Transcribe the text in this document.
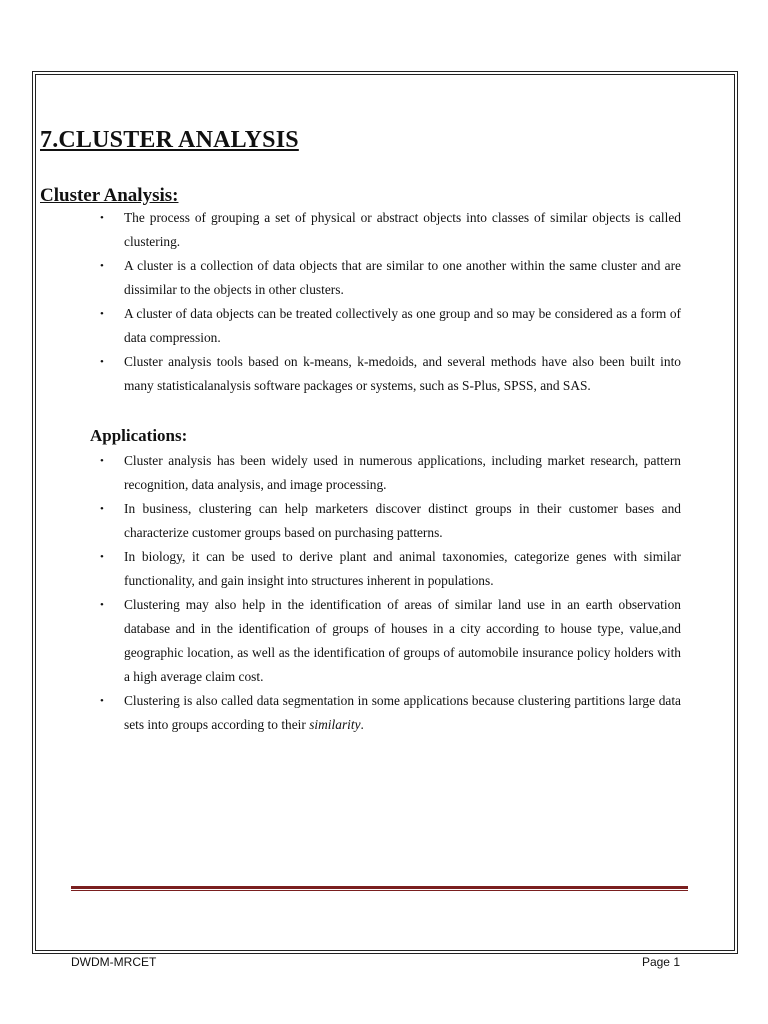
7.CLUSTER ANALYSIS
Cluster Analysis:
• The process of grouping a set of physical or abstract objects into classes of similar objects is called clustering.
• A cluster is a collection of data objects that are similar to one another within the same cluster and are dissimilar to the objects in other clusters.
• A cluster of data objects can be treated collectively as one group and so may be considered as a form of data compression.
• Cluster analysis tools based on k-means, k-medoids, and several methods have also been built into many statisticalanalysis software packages or systems, such as S-Plus, SPSS, and SAS.
Applications:
• Cluster analysis has been widely used in numerous applications, including market research, pattern recognition, data analysis, and image processing.
• In business, clustering can help marketers discover distinct groups in their customer bases and characterize customer groups based on purchasing patterns.
• In biology, it can be used to derive plant and animal taxonomies, categorize genes with similar functionality, and gain insight into structures inherent in populations.
• Clustering may also help in the identification of areas of similar land use in an earth observation database and in the identification of groups of houses in a city according to house type, value,and geographic location, as well as the identification of groups of automobile insurance policy holders with a high average claim cost.
• Clustering is also called data segmentation in some applications because clustering partitions large data sets into groups according to their similarity.
DWDM-MRCET	Page 1
